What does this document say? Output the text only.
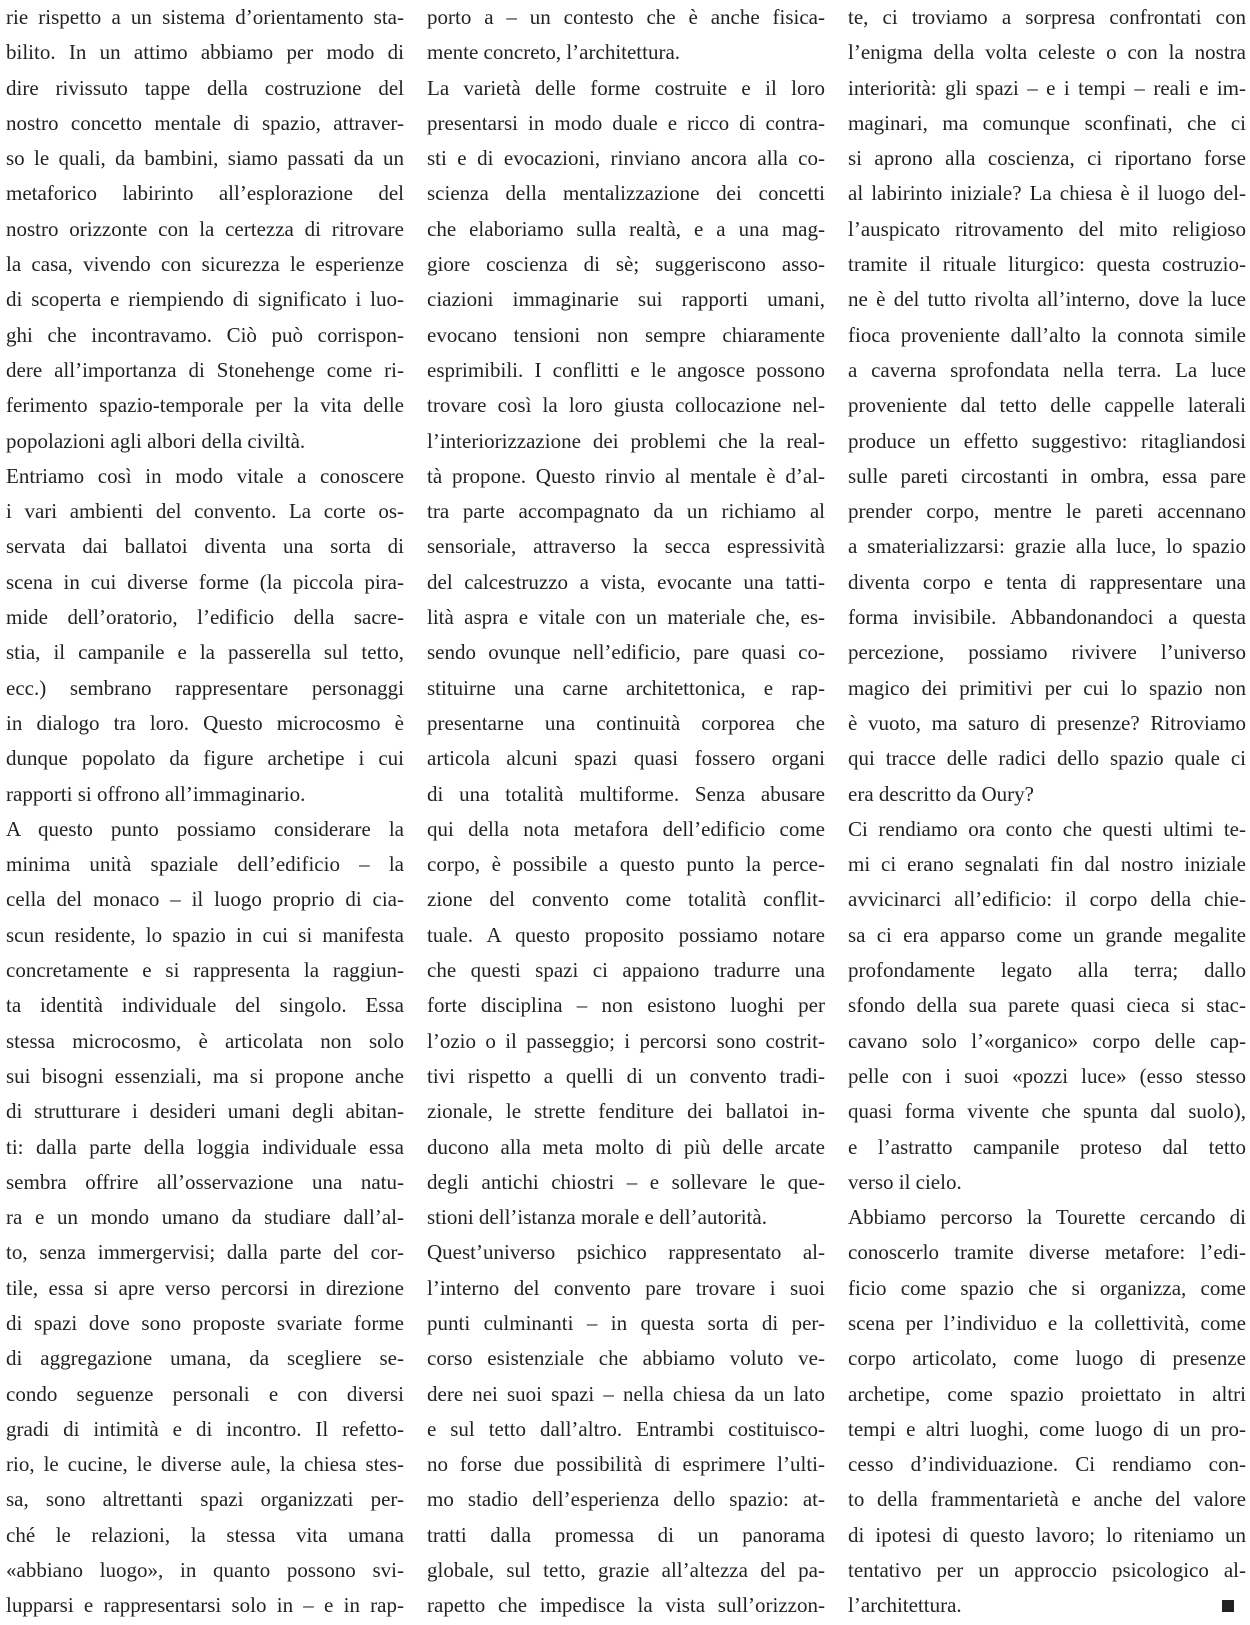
rie rispetto a un sistema d’orientamento sta-
bilito. In un attimo abbiamo per modo di
dire rivissuto tappe della costruzione del
nostro concetto mentale di spazio, attraver-
so le quali, da bambini, siamo passati da un
metaforico labirinto all’esplorazione del
nostro orizzonte con la certezza di ritrovare
la casa, vivendo con sicurezza le esperienze
di scoperta e riempiendo di significato i luo-
ghi che incontravamo. Ciò può corrispon-
dere all’importanza di Stonehenge come ri-
ferimento spazio-temporale per la vita delle
popolazioni agli albori della civiltà.
Entriamo così in modo vitale a conoscere
i vari ambienti del convento. La corte os-
servata dai ballatoi diventa una sorta di
scena in cui diverse forme (la piccola pira-
mide dell’oratorio, l’edificio della sacre-
stia, il campanile e la passerella sul tetto,
ecc.) sembrano rappresentare personaggi
in dialogo tra loro. Questo microcosmo è
dunque popolato da figure archetipe i cui
rapporti si offrono all’immaginario.
A questo punto possiamo considerare la
minima unità spaziale dell’edificio – la
cella del monaco – il luogo proprio di cia-
scun residente, lo spazio in cui si manifesta
concretamente e si rappresenta la raggiun-
ta identità individuale del singolo. Essa
stessa microcosmo, è articolata non solo
sui bisogni essenziali, ma si propone anche
di strutturare i desideri umani degli abitan-
ti: dalla parte della loggia individuale essa
sembra offrire all’osservazione una natu-
ra e un mondo umano da studiare dall’al-
to, senza immergervisi; dalla parte del cor-
tile, essa si apre verso percorsi in direzione
di spazi dove sono proposte svariate forme
di aggregazione umana, da scegliere se-
condo seguenze personali e con diversi
gradi di intimità e di incontro. Il refetto-
rio, le cucine, le diverse aule, la chiesa stes-
sa, sono altrettanti spazi organizzati per-
ché le relazioni, la stessa vita umana
«abbiano luogo», in quanto possono svi-
lupparsi e rappresentarsi solo in – e in rap-
porto a – un contesto che è anche fisica-
mente concreto, l’architettura.
La varietà delle forme costruite e il loro
presentarsi in modo duale e ricco di contra-
sti e di evocazioni, rinviano ancora alla co-
scienza della mentalizzazione dei concetti
che elaboriamo sulla realtà, e a una mag-
giore coscienza di sè; suggeriscono asso-
ciazioni immaginarie sui rapporti umani,
evocano tensioni non sempre chiaramente
esprimibili. I conflitti e le angosce possono
trovare così la loro giusta collocazione nel-
l’interiorizzazione dei problemi che la real-
tà propone. Questo rinvio al mentale è d’al-
tra parte accompagnato da un richiamo al
sensoriale, attraverso la secca espressività
del calcestruzzo a vista, evocante una tatti-
lità aspra e vitale con un materiale che, es-
sendo ovunque nell’edificio, pare quasi co-
stituirne una carne architettonica, e rap-
presentarne una continuità corporea che
articola alcuni spazi quasi fossero organi
di una totalità multiforme. Senza abusare
qui della nota metafora dell’edificio come
corpo, è possibile a questo punto la perce-
zione del convento come totalità conflit-
tuale. A questo proposito possiamo notare
che questi spazi ci appaiono tradurre una
forte disciplina – non esistono luoghi per
l’ozio o il passeggio; i percorsi sono costrit-
tivi rispetto a quelli di un convento tradi-
zionale, le strette fenditure dei ballatoi in-
ducono alla meta molto di più delle arcate
degli antichi chiostri – e sollevare le que-
stioni dell’istanza morale e dell’autorità.
Quest’universo psichico rappresentato al-
l’interno del convento pare trovare i suoi
punti culminanti – in questa sorta di per-
corso esistenziale che abbiamo voluto ve-
dere nei suoi spazi – nella chiesa da un lato
e sul tetto dall’altro. Entrambi costituisco-
no forse due possibilità di esprimere l’ulti-
mo stadio dell’esperienza dello spazio: at-
tratti dalla promessa di un panorama
globale, sul tetto, grazie all’altezza del pa-
rapetto che impedisce la vista sull’orizzon-
te, ci troviamo a sorpresa confrontati con
l’enigma della volta celeste o con la nostra
interiorità: gli spazi – e i tempi – reali e im-
maginari, ma comunque sconfinati, che ci
si aprono alla coscienza, ci riportano forse
al labirinto iniziale? La chiesa è il luogo del-
l’auspicato ritrovamento del mito religioso
tramite il rituale liturgico: questa costruzio-
ne è del tutto rivolta all’interno, dove la luce
fioca proveniente dall’alto la connota simile
a caverna sprofondata nella terra. La luce
proveniente dal tetto delle cappelle laterali
produce un effetto suggestivo: ritagliandosi
sulle pareti circostanti in ombra, essa pare
prender corpo, mentre le pareti accennano
a smaterializzarsi: grazie alla luce, lo spazio
diventa corpo e tenta di rappresentare una
forma invisibile. Abbandonandoci a questa
percezione, possiamo rivivere l’universo
magico dei primitivi per cui lo spazio non
è vuoto, ma saturo di presenze? Ritroviamo
qui tracce delle radici dello spazio quale ci
era descritto da Oury?
Ci rendiamo ora conto che questi ultimi te-
mi ci erano segnalati fin dal nostro iniziale
avvicinarci all’edificio: il corpo della chie-
sa ci era apparso come un grande megalite
profondamente legato alla terra; dallo
sfondo della sua parete quasi cieca si stac-
cavano solo l’«organico» corpo delle cap-
pelle con i suoi «pozzi luce» (esso stesso
quasi forma vivente che spunta dal suolo),
e l’astratto campanile proteso dal tetto
verso il cielo.
Abbiamo percorso la Tourette cercando di
conoscerlo tramite diverse metafore: l’edi-
ficio come spazio che si organizza, come
scena per l’individuo e la collettività, come
corpo articolato, come luogo di presenze
archetipe, come spazio proiettato in altri
tempi e altri luoghi, come luogo di un pro-
cesso d’individuazione. Ci rendiamo con-
to della frammentarietà e anche del valore
di ipotesi di questo lavoro; lo riteniamo un
tentativo per un approccio psicologico al-
l’architettura.
